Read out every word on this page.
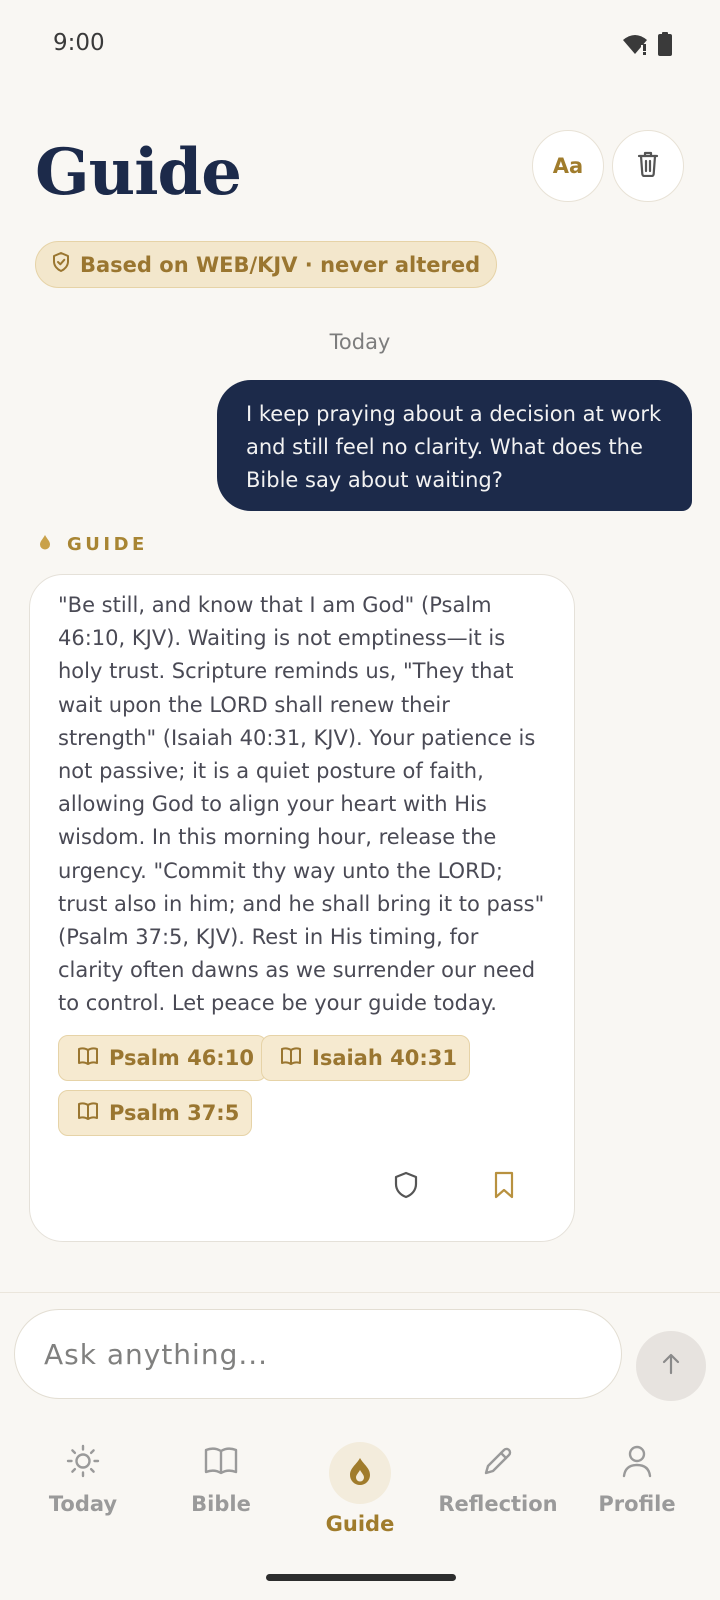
9:00
Guide	Aa
Based on WEB/KJV · never altered
Today
I keep praying about a decision at work and still feel no clarity. What does the Bible say about waiting?
GUIDE

"Be still, and know that I am God" (Psalm 46:10, KJV). Waiting is not emptiness—it is holy trust. Scripture reminds us, "They that wait upon the LORD shall renew their strength" (Isaiah 40:31, KJV). Your patience is not passive; it is a quiet posture of faith, allowing God to align your heart with His wisdom. In this morning hour, release the urgency. "Commit thy way unto the LORD; trust also in him; and he shall bring it to pass" (Psalm 37:5, KJV). Rest in His timing, for clarity often dawns as we surrender our need to control. Let peace be your guide today.

Psalm 46:10	Isaiah 40:31
Psalm 37:5
Ask anything...
Today	Bible
Guide
Reflection Profile
